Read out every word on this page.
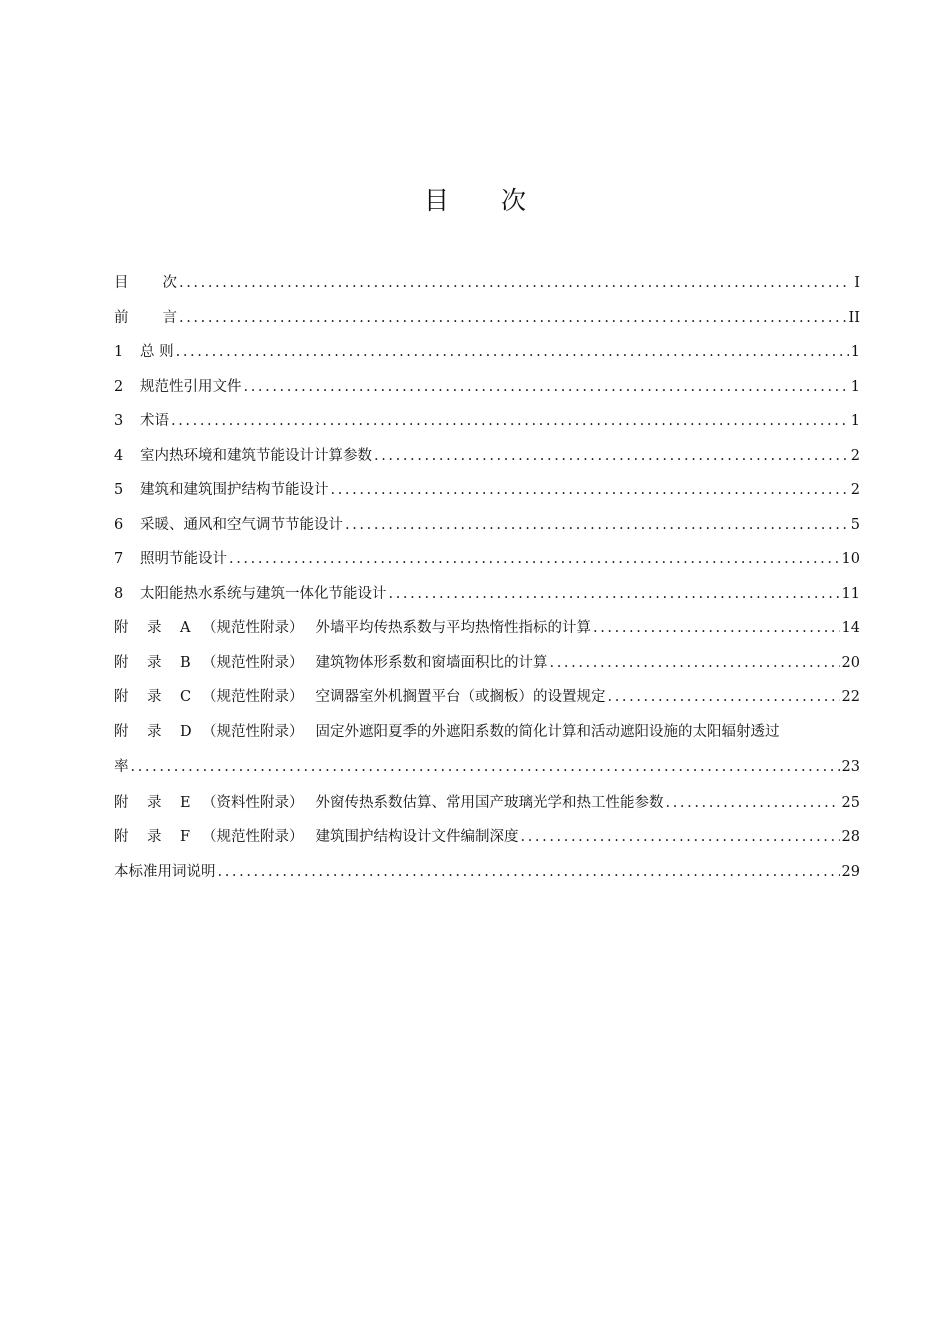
目 次
目 次 .....	I
前 言 .....	II
1	总 则 .....	1
2	规范性引用文件 .....	1
3	术语 .....	1
4	室内热环境和建筑节能设计计算参数 .....	2
5	建筑和建筑围护结构节能设计 .....	2
6	采暖、通风和空气调节节能设计 .....	5
7	照明节能设计 .....	10
8	太阳能热水系统与建筑一体化节能设计 .....	11
附 录 A （规范性附录） 外墙平均传热系数与平均热惰性指标的计算 .....	14
附 录 B （规范性附录） 建筑物体形系数和窗墙面积比的计算 .....	20
附 录 C （规范性附录） 空调器室外机搁置平台（或搁板）的设置规定 .....	22
附 录 D （规范性附录） 固定外遮阳夏季的外遮阳系数的简化计算和活动遮阳设施的太阳辐射透过
率 .....	23
附 录 E （资料性附录） 外窗传热系数估算、常用国产玻璃光学和热工性能参数 .....	25
附 录 F （规范性附录） 建筑围护结构设计文件编制深度 .....	28
本标准用词说明 .....	29
